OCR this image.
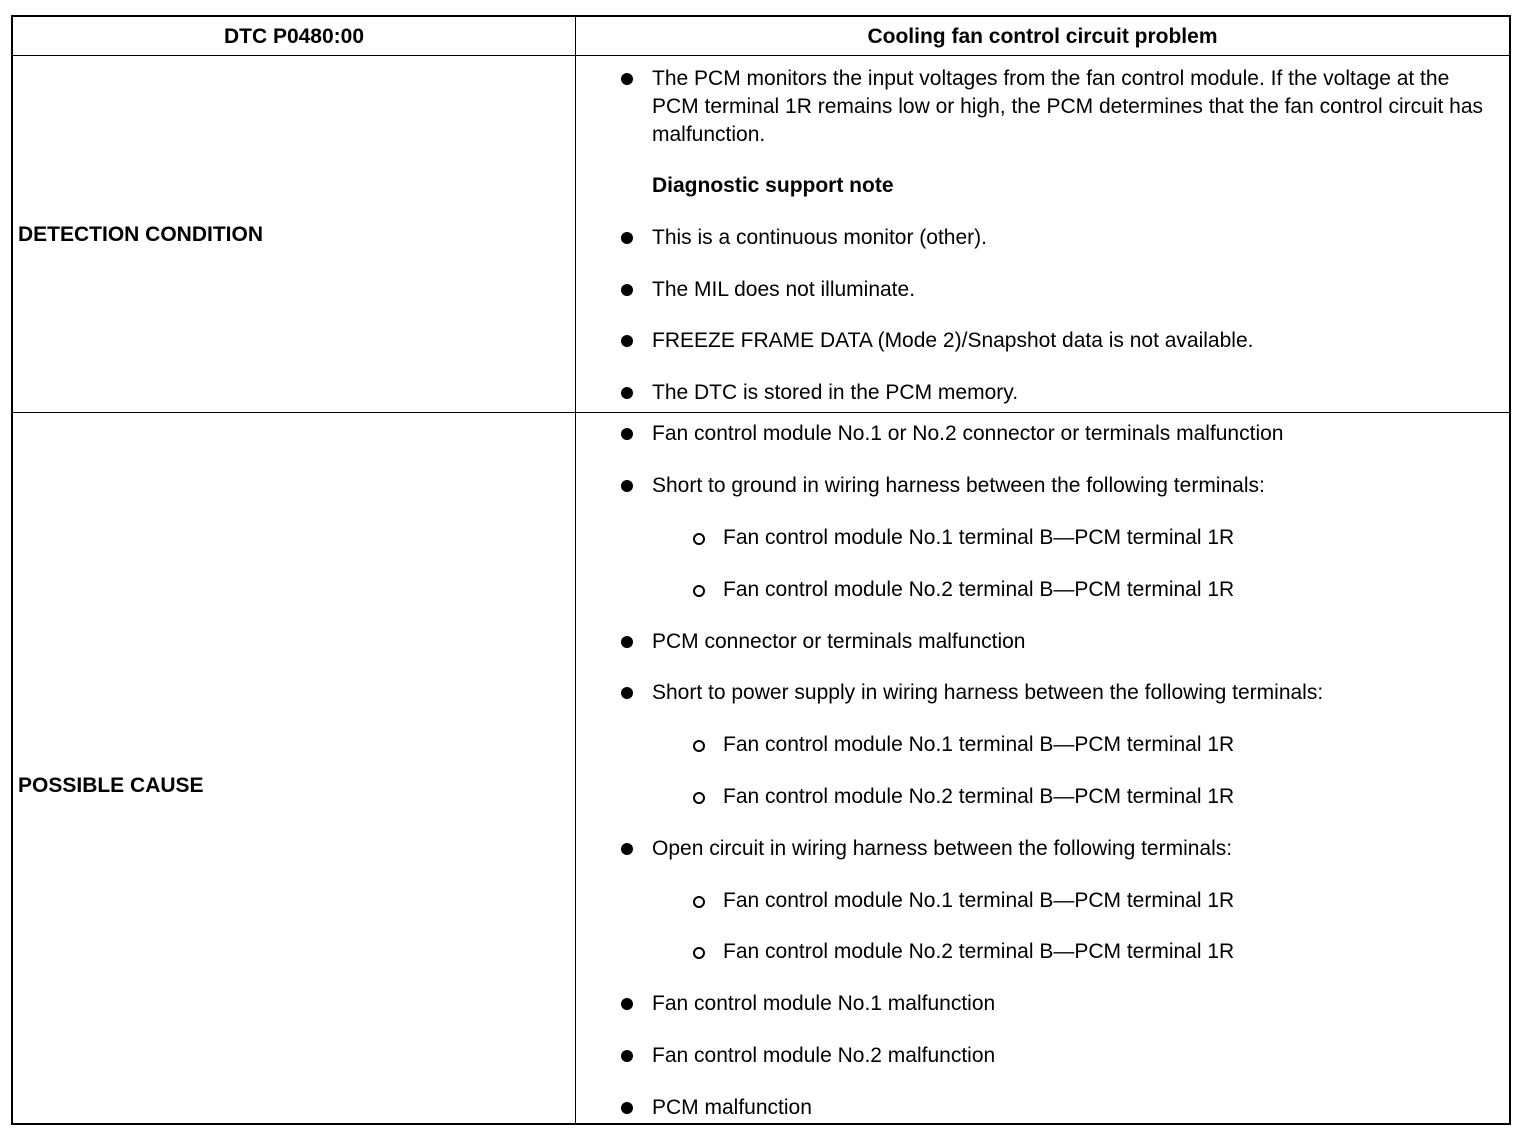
DTC P0480:00	Cooling fan control circuit problem
DETECTION CONDITION
The PCM monitors the input voltages from the fan control module. If the voltage at the PCM terminal 1R remains low or high, the PCM determines that the fan control circuit has malfunction.
Diagnostic support note
This is a continuous monitor (other).
The MIL does not illuminate.
FREEZE FRAME DATA (Mode 2)/Snapshot data is not available.
The DTC is stored in the PCM memory.
POSSIBLE CAUSE
Fan control module No.1 or No.2 connector or terminals malfunction
Short to ground in wiring harness between the following terminals:
Fan control module No.1 terminal B—PCM terminal 1R
Fan control module No.2 terminal B—PCM terminal 1R
PCM connector or terminals malfunction
Short to power supply in wiring harness between the following terminals:
Fan control module No.1 terminal B—PCM terminal 1R
Fan control module No.2 terminal B—PCM terminal 1R
Open circuit in wiring harness between the following terminals:
Fan control module No.1 terminal B—PCM terminal 1R
Fan control module No.2 terminal B—PCM terminal 1R
Fan control module No.1 malfunction
Fan control module No.2 malfunction
PCM malfunction
